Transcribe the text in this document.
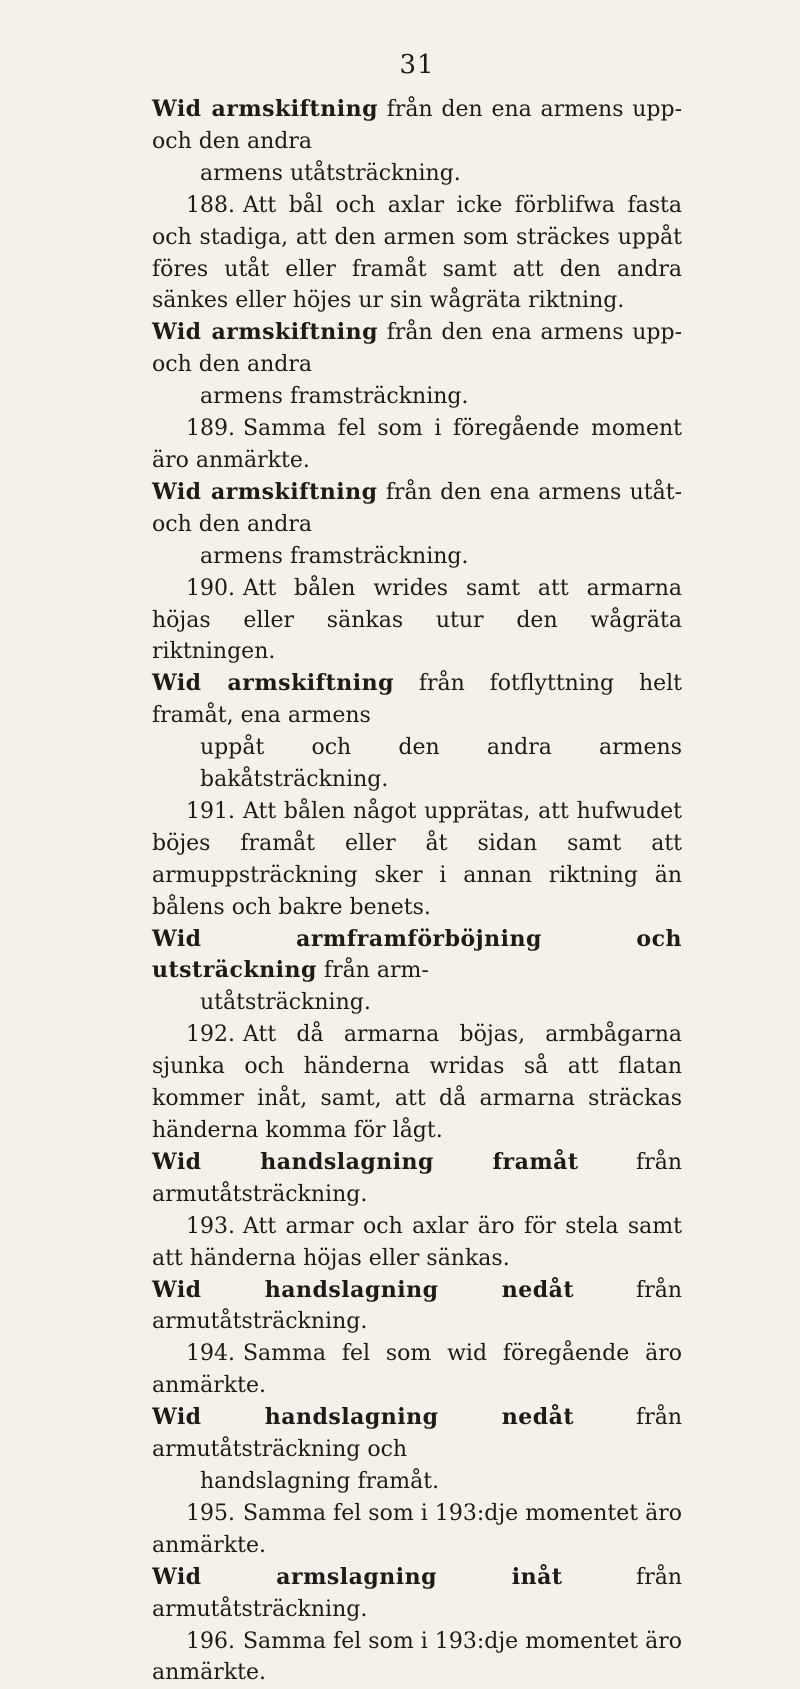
31

Wid armskiftning från den ena armens upp- och den andra
armens utåtsträckning.

188. Att bål och axlar icke förblifwa fasta och stadiga, att den armen som sträckes uppåt föres utåt eller framåt samt att den andra sänkes eller höjes ur sin wågräta riktning.

Wid armskiftning från den ena armens upp- och den andra
armens framsträckning.

189. Samma fel som i föregående moment äro anmärkte.

Wid armskiftning från den ena armens utåt- och den andra
armens framsträckning.

190. Att bålen wrides samt att armarna höjas eller sänkas utur den wågräta riktningen.

Wid armskiftning från fotflyttning helt framåt, ena armens
uppåt och den andra armens bakåtsträckning.

191. Att bålen något upprätas, att hufwudet böjes framåt eller åt sidan samt att armuppsträckning sker i annan riktning än bålens och bakre benets.

Wid armframförböjning och utsträckning från arm-
utåtsträckning.

192. Att då armarna böjas, armbågarna sjunka och händerna wridas så att flatan kommer inåt, samt, att då armarna sträckas händerna komma för lågt.

Wid handslagning framåt	från armutåtsträckning.

193. Att armar och axlar äro för stela samt att händerna höjas eller sänkas.

Wid handslagning nedåt	från armutåtsträckning.

194. Samma fel som wid föregående äro anmärkte.

Wid handslagning nedåt	från armutåtsträckning och
handslagning framåt.

195. Samma fel som i 193:dje momentet äro anmärkte.

Wid armslagning inåt	från armutåtsträckning.

196. Samma fel som i 193:dje momentet äro anmärkte.
